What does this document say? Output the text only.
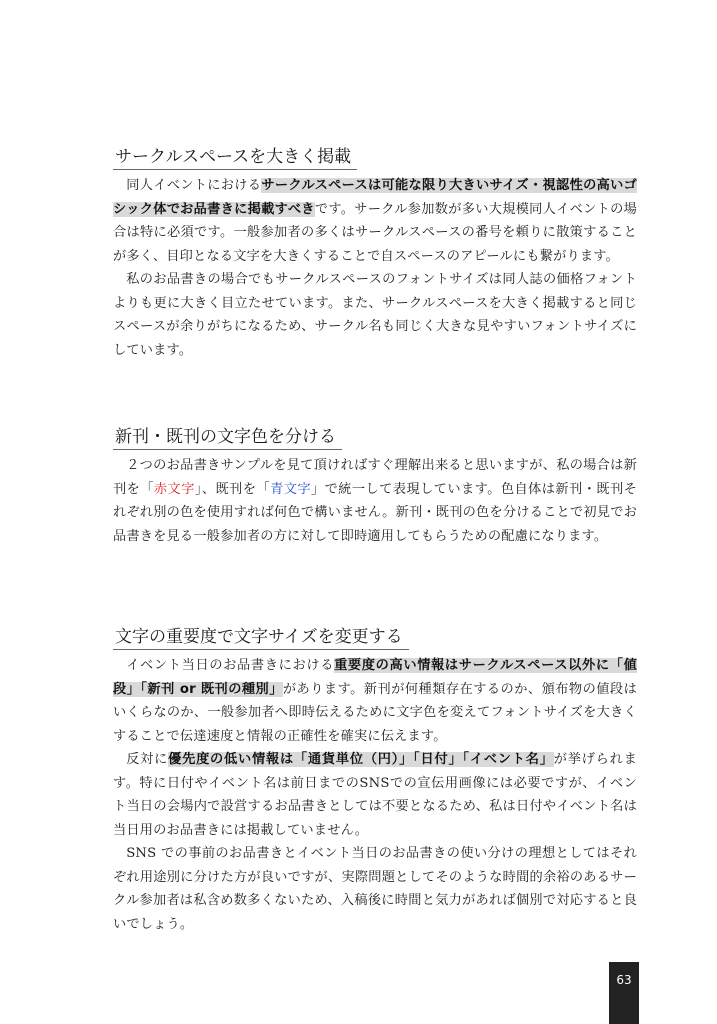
サークルスペースを大きく掲載

同人イベントにおけるサークルスペースは可能な限り大きいサイズ・視認性の高いゴシック体でお品書きに掲載すべきです。サークル参加数が多い大規模同人イベントの場合は特に必須です。一般参加者の多くはサークルスペースの番号を頼りに散策することが多く、目印となる文字を大きくすることで自スペースのアピールにも繋がります。

私のお品書きの場合でもサークルスペースのフォントサイズは同人誌の価格フォントよりも更に大きく目立たせています。また、サークルスペースを大きく掲載すると同じスペースが余りがちになるため、サークル名も同じく大きな見やすいフォントサイズにしています。

新刊・既刊の文字色を分ける

２つのお品書きサンプルを見て頂ければすぐ理解出来ると思いますが、私の場合は新刊を「赤文字」、既刊を「青文字」で統一して表現しています。色自体は新刊・既刊それぞれ別の色を使用すれば何色で構いません。新刊・既刊の色を分けることで初見でお品書きを見る一般参加者の方に対して即時適用してもらうための配慮になります。

文字の重要度で文字サイズを変更する

イベント当日のお品書きにおける重要度の高い情報はサークルスペース以外に「値段」「新刊 or 既刊の種別」があります。新刊が何種類存在するのか、頒布物の値段はいくらなのか、一般参加者へ即時伝えるために文字色を変えてフォントサイズを大きくすることで伝達速度と情報の正確性を確実に伝えます。

反対に優先度の低い情報は「通貨単位（円）」「日付」「イベント名」が挙げられます。特に日付やイベント名は前日までのSNSでの宣伝用画像には必要ですが、イベント当日の会場内で設営するお品書きとしては不要となるため、私は日付やイベント名は当日用のお品書きには掲載していません。

SNS での事前のお品書きとイベント当日のお品書きの使い分けの理想としてはそれぞれ用途別に分けた方が良いですが、実際問題としてそのような時間的余裕のあるサークル参加者は私含め数多くないため、入稿後に時間と気力があれば個別で対応すると良いでしょう。

63
